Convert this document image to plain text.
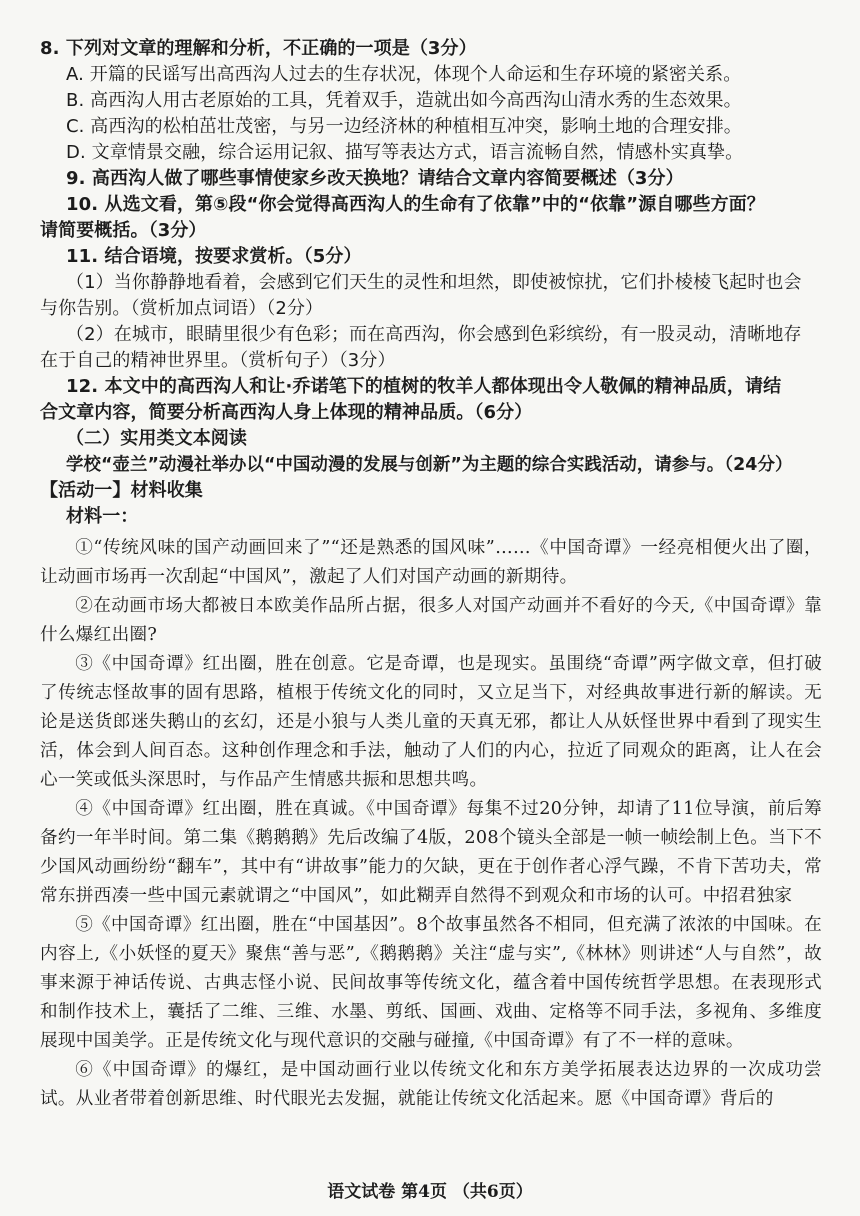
8. 下列对文章的理解和分析，不正确的一项是（3分）

A. 开篇的民谣写出高西沟人过去的生存状况，体现个人命运和生存环境的紧密关系。

B. 高西沟人用古老原始的工具，凭着双手，造就出如今高西沟山清水秀的生态效果。

C. 高西沟的松柏茁壮茂密，与另一边经济林的种植相互冲突，影响土地的合理安排。

D. 文章情景交融，综合运用记叙、描写等表达方式，语言流畅自然，情感朴实真挚。

9. 高西沟人做了哪些事情使家乡改天换地？请结合文章内容简要概述（3分）

10. 从选文看，第⑤段“你会觉得高西沟人的生命有了依靠”中的“依靠”源自哪些方面？

请简要概括。（3分）

11. 结合语境，按要求赏析。（5分）

（1）当你静静地看着，会感到它们天生的灵性和坦然，即使被惊扰，它们扑棱棱飞起时也会

与你告别。（赏析加点词语）（2分）

（2）在城市，眼睛里很少有色彩；而在高西沟，你会感到色彩缤纷，有一股灵动，清晰地存

在于自己的精神世界里。（赏析句子）（3分）

12. 本文中的高西沟人和让·乔诺笔下的植树的牧羊人都体现出令人敬佩的精神品质，请结

合文章内容，简要分析高西沟人身上体现的精神品质。（6分）

（二）实用类文本阅读

学校“壶兰”动漫社举办以“中国动漫的发展与创新”为主题的综合实践活动，请参与。（24分）

【活动一】材料收集

材料一：

①“传统风味的国产动画回来了”“还是熟悉的国风味”……《中国奇谭》一经亮相便火出了圈，让动画市场再一次刮起“中国风”，激起了人们对国产动画的新期待。

②在动画市场大都被日本欧美作品所占据，很多人对国产动画并不看好的今天,《中国奇谭》靠什么爆红出圈?

③《中国奇谭》红出圈，胜在创意。它是奇谭，也是现实。虽围绕“奇谭”两字做文章，但打破了传统志怪故事的固有思路，植根于传统文化的同时，又立足当下，对经典故事进行新的解读。无论是送货郎迷失鹅山的玄幻，还是小狼与人类儿童的天真无邪，都让人从妖怪世界中看到了现实生活，体会到人间百态。这种创作理念和手法，触动了人们的内心，拉近了同观众的距离，让人在会心一笑或低头深思时，与作品产生情感共振和思想共鸣。

④《中国奇谭》红出圈，胜在真诚。《中国奇谭》每集不过20分钟，却请了11位导演，前后筹备约一年半时间。第二集《鹅鹅鹅》先后改编了4版，208个镜头全部是一帧一帧绘制上色。当下不少国风动画纷纷“翻车”，其中有“讲故事”能力的欠缺，更在于创作者心浮气躁，不肯下苦功夫，常常东拼西凑一些中国元素就谓之“中国风”，如此糊弄自然得不到观众和市场的认可。中招君独家

⑤《中国奇谭》红出圈，胜在“中国基因”。8个故事虽然各不相同，但充满了浓浓的中国味。在内容上,《小妖怪的夏天》聚焦“善与恶”,《鹅鹅鹅》关注“虚与实”,《林林》则讲述“人与自然”，故事来源于神话传说、古典志怪小说、民间故事等传统文化，蕴含着中国传统哲学思想。在表现形式和制作技术上，囊括了二维、三维、水墨、剪纸、国画、戏曲、定格等不同手法，多视角、多维度展现中国美学。正是传统文化与现代意识的交融与碰撞,《中国奇谭》有了不一样的意味。

⑥《中国奇谭》的爆红，是中国动画行业以传统文化和东方美学拓展表达边界的一次成功尝试。从业者带着创新思维、时代眼光去发掘，就能让传统文化活起来。愿《中国奇谭》背后的

语文试卷 第4页 （共6页）
